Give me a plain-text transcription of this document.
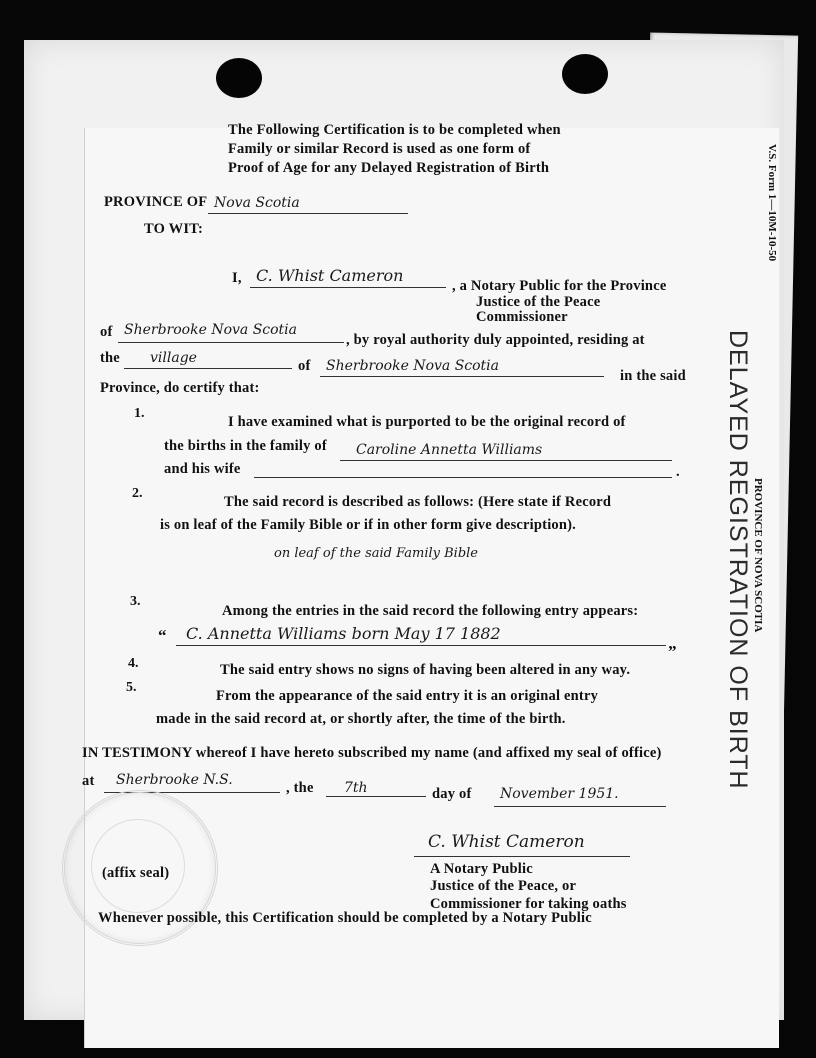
V.S. Form 1—10M-10-50
PROVINCE OF NOVA SCOTIA
DELAYED REGISTRATION OF BIRTH
The Following Certification is to be completed when
Family or similar Record is used as one form of
Proof of Age for any Delayed Registration of Birth
PROVINCE OF Nova Scotia
TO WIT:
I, C. Whist Cameron
, a Notary Public for the Province
Justice of the Peace
Commissioner
of Sherbrooke Nova Scotia
, by royal authority duly appointed, residing at
the village	of Sherbrooke Nova Scotia
in the said
Province, do certify that:
1.
I have examined what is purported to be the original record of
the births in the family of Caroline Annetta Williams
and his wife	.
2.
The said record is described as follows: (Here state if Record
is on leaf of the Family Bible or if in other form give description).
on leaf of the said Family Bible
3.
Among the entries in the said record the following entry appears:
“ C. Annetta Williams born May 17 1882
”
4.	The said entry shows no signs of having been altered in any way.
5.
From the appearance of the said entry it is an original entry
made in the said record at, or shortly after, the time of the birth.
IN TESTIMONY whereof I have hereto subscribed my name (and affixed my seal of office)
at Sherbrooke N.S.	, the 7th	day of November 1951.
(affix seal)
C. Whist Cameron
A Notary Public
Justice of the Peace, or
Commissioner for taking oaths
Whenever possible, this Certification should be completed by a Notary Public
